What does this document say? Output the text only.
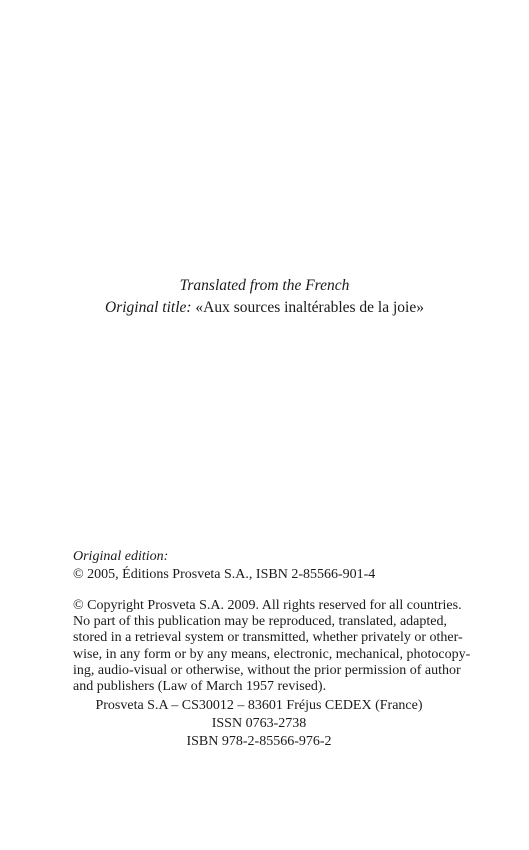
Translated from the French
Original title: «Aux sources inaltérables de la joie»
Original edition:
© 2005, Éditions Prosveta S.A., ISBN 2-85566-901-4
© Copyright Prosveta S.A. 2009. All rights reserved for all countries.
No part of this publication may be reproduced, translated, adapted,
stored in a retrieval system or transmitted, whether privately or other-
wise, in any form or by any means, electronic, mechanical, photocopy-
ing, audio-visual or otherwise, without the prior permission of author
and publishers (Law of March 1957 revised).
Prosveta S.A – CS30012 – 83601 Fréjus CEDEX (France)
ISSN 0763-2738
ISBN 978-2-85566-976-2
